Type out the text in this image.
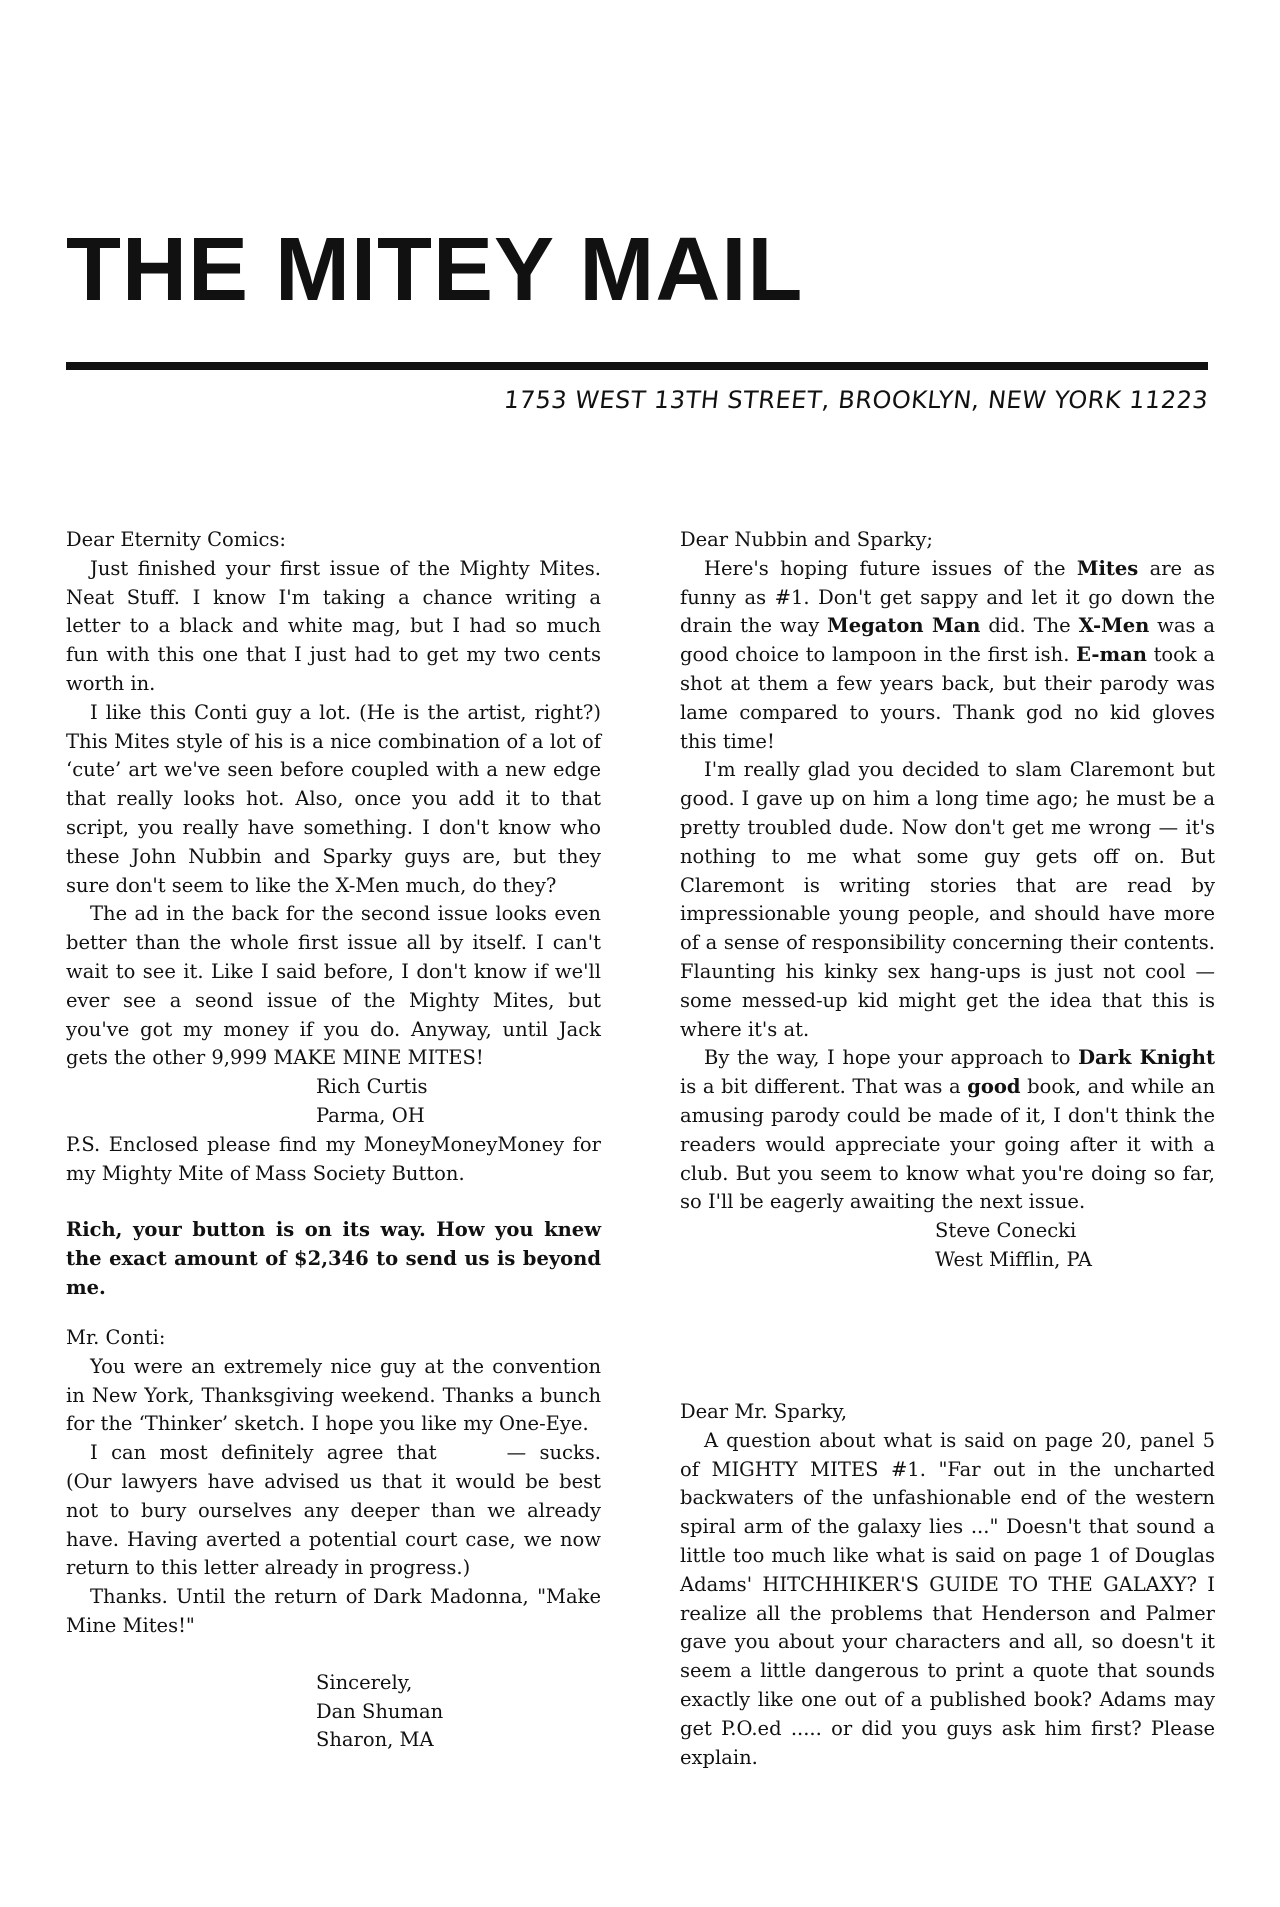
THE MITEY MAIL
1753 WEST 13TH STREET, BROOKLYN, NEW YORK 11223

Dear Eternity Comics:

Just finished your first issue of the Mighty Mites. Neat Stuff. I know I'm taking a chance writing a letter to a black and white mag, but I had so much fun with this one that I just had to get my two cents worth in.

I like this Conti guy a lot. (He is the artist, right?) This Mites style of his is a nice combination of a lot of ‘cute’ art we've seen before coupled with a new edge that really looks hot. Also, once you add it to that script, you really have something. I don't know who these John Nubbin and Sparky guys are, but they sure don't seem to like the X-Men much, do they?

The ad in the back for the second issue looks even better than the whole first issue all by itself. I can't wait to see it. Like I said before, I don't know if we'll ever see a seond issue of the Mighty Mites, but you've got my money if you do. Anyway, until Jack gets the other 9,999 MAKE MINE MITES!

Rich Curtis

Parma, OH

P.S. Enclosed please find my MoneyMoneyMoney for my Mighty Mite of Mass Society Button.

Rich, your button is on its way. How you knew the exact amount of $2,346 to send us is beyond me.

Dear Nubbin and Sparky;

Here's hoping future issues of the Mites are as funny as #1. Don't get sappy and let it go down the drain the way Megaton Man did. The X-Men was a good choice to lampoon in the first ish. E-man took a shot at them a few years back, but their parody was lame compared to yours. Thank god no kid gloves this time!

I'm really glad you decided to slam Claremont but good. I gave up on him a long time ago; he must be a pretty troubled dude. Now don't get me wrong — it's nothing to me what some guy gets off on. But Claremont is writing stories that are read by impressionable young people, and should have more of a sense of responsibility concerning their contents. Flaunting his kinky sex hang-ups is just not cool —some messed-up kid might get the idea that this is where it's at.

By the way, I hope your approach to Dark Knight is a bit different. That was a good book, and while an amusing parody could be made of it, I don't think the readers would appreciate your going after it with a club. But you seem to know what you're doing so far, so I'll be eagerly awaiting the next issue.

Steve Conecki

West Mifflin, PA

Mr. Conti:

You were an extremely nice guy at the convention in New York, Thanksgiving weekend. Thanks a bunch for the ‘Thinker’ sketch. I hope you like my One-Eye.

I can most definitely agree that	— sucks. (Our lawyers have advised us that it would be best not to bury ourselves any deeper than we already have. Having averted a potential court case, we now return to this letter already in progress.)

Thanks. Until the return of Dark Madonna, "Make Mine Mites!"

Sincerely,

Dan Shuman

Sharon, MA

Dear Mr. Sparky,

A question about what is said on page 20, panel 5 of MIGHTY MITES #1. "Far out in the uncharted backwaters of the unfashionable end of the western spiral arm of the galaxy lies ..." Doesn't that sound a little too much like what is said on page 1 of Douglas Adams' HITCHHIKER'S GUIDE TO THE GALAXY? I realize all the problems that Henderson and Palmer gave you about your characters and all, so doesn't it seem a little dangerous to print a quote that sounds exactly like one out of a published book? Adams may get P.O.ed ..... or did you guys ask him first? Please explain.
